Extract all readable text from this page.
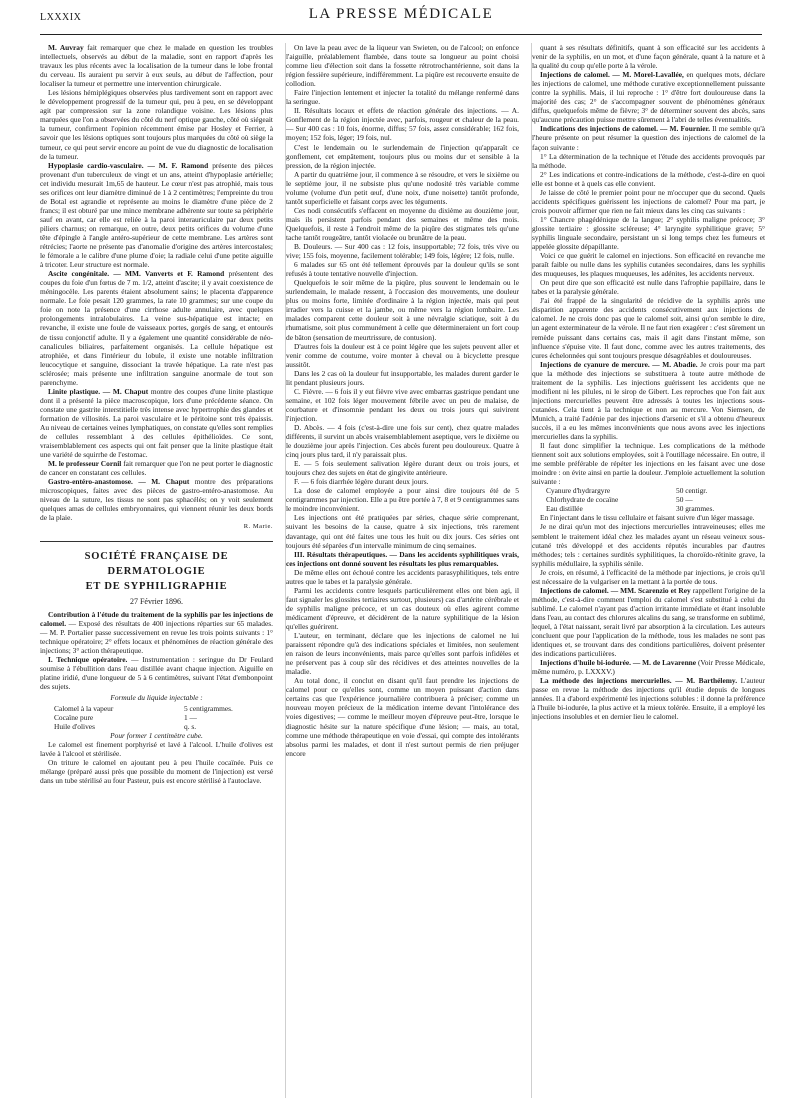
LXXXIX	LA PRESSE MÉDICALE

M. Auvray fait remarquer que chez le malade en question les troubles intellectuels, observés au début de la maladie, sont en rapport d'après les travaux les plus récents avec la localisation de la tumeur dans le lobe frontal du cerveau. Ils auraient pu servir à eux seuls, au début de l'affection, pour localiser la tumeur et permettre une intervention chirurgicale.

Les lésions hémiplégiques observées plus tardivement sont en rapport avec le développement progressif de la tumeur qui, peu à peu, en se développant agit par compression sur la zone rolandique voisine. Les lésions plus marquées que l'on a observées du côté du nerf optique gauche, côté où siégeait la tumeur, confirment l'opinion récemment émise par Hosley et Ferrier, à savoir que les lésions optiques sont toujours plus marquées du côté où siège la tumeur, ce qui peut servir encore au point de vue du diagnostic de localisation de la tumeur.

Hypoplasie cardio-vasculaire. — M. F. Ramond présente des pièces provenant d'un tuberculeux de vingt et un ans, atteint d'hypoplasie artérielle; cet individu mesurait 1m,65 de hauteur. Le cœur n'est pas atrophié, mais tous ses orifices ont leur diamètre diminué de 1 à 2 centimètres; l'empreinte du trou de Botal est agrandie et représente au moins le diamètre d'une pièce de 2 francs; il est obturé par une mince membrane adhérente sur toute sa périphérie sauf en avant, car elle est reliée à la paroi interauriculaire par deux petits piliers charnus; on remarque, en outre, deux petits orifices du volume d'une tête d'épingle à l'angle antéro-supérieur de cette membrane. Les artères sont rétrécies; l'aorte ne présente pas d'anomalie d'origine des artères intercostales; le fémorale a le calibre d'une plume d'oie; la radiale celui d'une petite aiguille à tricoter. Leur structure est normale.

Ascite congénitale. — MM. Vanverts et F. Ramond présentent des coupes du foie d'un fœtus de 7 m. 1/2, atteint d'ascite; il y avait coexistence de méningocèle. Les parents étaient absolument sains; le placenta d'apparence normale. Le foie pesait 120 grammes, la rate 10 grammes; sur une coupe du foie on note la présence d'une cirrhose adulte annulaire, avec quelques prolongements intralobulaires. La veine sus-hépatique est intacte; en revanche, il existe une foule de vaisseaux portes, gorgés de sang, et entourés de tissu conjonctif adulte. Il y a également une quantité considérable de néo-canalicules biliaires, parfaitement organisés. La cellule hépatique est atrophiée, et dans l'intérieur du lobule, il existe une notable infiltration leucocytique et sanguine, dissociant la travée hépatique. La rate n'est pas sclérosée; mais présente une infiltration sanguine anormale de tout son parenchyme.

Linite plastique. — M. Chaput montre des coupes d'une linite plastique dont il a présenté la pièce macroscopique, lors d'une précédente séance. On constate une gastrite interstitielle très intense avec hypertrophie des glandes et formation de villosités. La paroi vasculaire et le péritoine sont très épaissis. Au niveau de certaines veines lymphatiques, on constate qu'elles sont remplies de cellules ressemblant à des cellules épithélioïdes. Ce sont, vraisemblablement ces aspects qui ont fait penser que la linite plastique était une variété de squirrhe de l'estomac.

M. le professeur Cornil fait remarquer que l'on ne peut porter le diagnostic de cancer en constatant ces cellules.

Gastro-entéro-anastomose. — M. Chaput montre des préparations microscopiques, faites avec des pièces de gastro-entéro-anastomose. Au niveau de la suture, les tissus ne sont pas sphacélés; on y voit seulement quelques amas de cellules embryonnaires, qui viennent réunir les deux bords de la plaie.

R. Marie.
SOCIÉTÉ FRANÇAISE DE DERMATOLOGIE
ET DE SYPHILIGRAPHIE
27 Février 1896.

Contribution à l'étude du traitement de la syphilis par les injections de calomel. — Exposé des résultats de 400 injections réparties sur 65 malades. — M. P. Portalier passe successivement en revue les trois points suivants : 1° technique opératoire; 2° effets locaux et phénomènes de réaction générale des injections; 3° action thérapeutique.

I. Technique opératoire. — Instrumentation : seringue du Dr Feulard soumise à l'ébullition dans l'eau distillée avant chaque injection. Aiguille en platine iridié, d'une longueur de 5 à 6 centimètres, suivant l'état d'embonpoint des sujets.

Formule du liquide injectable :

Calomel à la vapeur	5 centigrammes.
Cocaïne pure	1 —
Huile d'olives	q. s.

Pour former 1 centimètre cube.

Le calomel est finement porphyrisé et lavé à l'alcool. L'huile d'olives est lavée à l'alcool et stérilisée.

On triture le calomel en ajoutant peu à peu l'huile cocaïnée. Puis ce mélange (préparé aussi près que possible du moment de l'injection) est versé dans un tube stérilisé au four Pasteur, puis est encore stérilisé à l'autoclave.

On lave la peau avec de la liqueur van Swieten, ou de l'alcool; on enfonce l'aiguille, préalablement flambée, dans toute sa longueur au point choisi comme lieu d'élection soit dans la fossette rétrotrochantérienne, soit dans la région fessière supérieure, indifféremment. La piqûre est recouverte ensuite de collodion.

Faire l'injection lentement et injecter la totalité du mélange renfermé dans la seringue.

II. Résultats locaux et effets de réaction générale des injections. — A. Gonflement de la région injectée avec, parfois, rougeur et chaleur de la peau. — Sur 400 cas : 10 fois, énorme, diffus; 57 fois, assez considérable; 162 fois, moyen; 152 fois, léger; 19 fois, nul.

C'est le lendemain ou le surlendemain de l'injection qu'apparaît ce gonflement, cet empâtement, toujours plus ou moins dur et sensible à la pression, de la région injectée.

A partir du quatrième jour, il commence à se résoudre, et vers le sixième ou le septième jour, il ne subsiste plus qu'une nodosité très variable comme volume (volume d'un petit œuf, d'une noix, d'une noisette) tantôt profonde, tantôt superficielle et faisant corps avec les téguments.

Ces nodi consécutifs s'effacent en moyenne du dixième au douzième jour, mais ils persistent parfois pendant des semaines et même des mois. Quelquefois, il reste à l'endroit même de la piqûre des stigmates tels qu'une tache tantôt rougeâtre, tantôt violacée ou brunâtre de la peau.

B. Douleurs. — Sur 400 cas : 12 fois, insupportable; 72 fois, très vive ou vive; 155 fois, moyenne, facilement tolérable; 149 fois, légère; 12 fois, nulle.

6 malades sur 65 ont été tellement éprouvés par la douleur qu'ils se sont refusés à toute tentative nouvelle d'injection.

Quelquefois le soir même de la piqûre, plus souvent le lendemain ou le surlendemain, le malade ressent, à l'occasion des mouvements, une douleur plus ou moins forte, limitée d'ordinaire à la région injectée, mais qui peut irradier vers la cuisse et la jambe, ou même vers la région lombaire. Les malades comparent cette douleur soit à une névralgie sciatique, soit à du rhumatisme, soit plus communément à celle que détermineraient un fort coup de bâton (sensation de meurtrissure, de contusion).

D'autres fois la douleur est à ce point légère que les sujets peuvent aller et venir comme de coutume, voire monter à cheval ou à bicyclette presque aussitôt.

Dans les 2 cas où la douleur fut insupportable, les malades durent garder le lit pendant plusieurs jours.

C. Fièvre. — 6 fois il y eut fièvre vive avec embarras gastrique pendant une semaine, et 102 fois léger mouvement fébrile avec un peu de malaise, de courbature et d'insomnie pendant les deux ou trois jours qui suivirent l'injection.

D. Abcès. — 4 fois (c'est-à-dire une fois sur cent), chez quatre malades différents, il survint un abcès vraisemblablement aseptique, vers le dixième ou le douzième jour après l'injection. Ces abcès furent peu douloureux. Quatre à cinq jours plus tard, il n'y paraissait plus.

E. — 5 fois seulement salivation légère durant deux ou trois jours, et toujours chez des sujets en état de gingivite antérieure.

F. — 6 fois diarrhée légère durant deux jours.

La dose de calomel employée a pour ainsi dire toujours été de 5 centigrammes par injection. Elle a pu être portée à 7, 8 et 9 centigrammes sans le moindre inconvénient.

Les injections ont été pratiquées par séries, chaque série comprenant, suivant les besoins de la cause, quatre à six injections, très rarement davantage, qui ont été faites une tous les huit ou dix jours. Ces séries ont toujours été séparées d'un intervalle minimum de cinq semaines.

III. Résultats thérapeutiques. — Dans les accidents syphilitiques vrais, ces injections ont donné souvent les résultats les plus remarquables.

De même elles ont échoué contre les accidents parasyphilitiques, tels entre autres que le tabes et la paralysie générale.

Parmi les accidents contre lesquels particulièrement elles ont bien agi, il faut signaler les glossites tertiaires surtout, plusieurs) cas d'artérite cérébrale et de syphilis maligne précoce, et un cas douteux où elles agirent comme médicament d'épreuve, et décidèrent de la nature syphilitique de la lésion qu'elles guérirent.

L'auteur, en terminant, déclare que les injections de calomel ne lui paraissent répondre qu'à des indications spéciales et limitées, non seulement en raison de leurs inconvénients, mais parce qu'elles sont parfois infidèles et ne préservent pas à coup sûr des récidives et des atteintes nouvelles de la maladie.

Au total donc, il conclut en disant qu'il faut prendre les injections de calomel pour ce qu'elles sont, comme un moyen puissant d'action dans certains cas que l'expérience journalière contribuera à préciser; comme un nouveau moyen précieux de la médication interne devant l'intolérance des voies digestives; — comme le meilleur moyen d'épreuve peut-être, lorsque le diagnostic hésite sur la nature spécifique d'une lésion; — mais, au total, comme une méthode thérapeutique en voie d'essai, qui compte des intolérants absolus parmi les malades, et dont il n'est surtout permis de rien préjuger encore

quant à ses résultats définitifs, quant à son efficacité sur les accidents à venir de la syphilis, en un mot, et d'une façon générale, quant à la nature et à la qualité du coup qu'elle porte à la vérole.

Injections de calomel. — M. Morel-Lavallée, en quelques mots, déclare les injections de calomel, une méthode curative exceptionnellement puissante contre la syphilis. Mais, il lui reproche : 1° d'être fort douloureuse dans la majorité des cas; 2° de s'accompagner souvent de phénomènes généraux diffus, quelquefois même de fièvre; 3° de déterminer souvent des abcès, sans qu'aucune précaution puisse mettre sûrement à l'abri de telles éventualités.

Indications des injections de calomel. — M. Fournier. Il me semble qu'à l'heure présente on peut résumer la question des injections de calomel de la façon suivante :

1° La détermination de la technique et l'étude des accidents provoqués par la méthode.

2° Les indications et contre-indications de la méthode, c'est-à-dire en quoi elle est bonne et à quels cas elle convient.

Je laisse de côté le premier point pour ne m'occuper que du second. Quels accidents spécifiques guérissent les injections de calomel? Pour ma part, je crois pouvoir affirmer que rien ne fait mieux dans les cinq cas suivants :

1° Chancre phagédénique de la langue; 2° syphilis maligne précoce; 3° glossite tertiaire : glossite scléreuse; 4° laryngite syphilitique grave; 5° syphilis linguale secondaire, persistant un si long temps chez les fumeurs et appelée glossite dépapillante.

Voici ce que guérit le calomel en injections. Son efficacité en revanche me paraît faible ou nulle dans les syphilis cutanées secondaires, dans les syphilis des muqueuses, les plaques muqueuses, les adénites, les accidents nerveux.

On peut dire que son efficacité est nulle dans l'afrophie papillaire, dans le tabes et la paralysie générale.

J'ai été frappé de la singularité de récidive de la syphilis après une disparition apparente des accidents consécutivement aux injections de calomel. Je ne crois donc pas que le calomel soit, ainsi qu'on semble le dire, un agent exterminateur de la vérole. Il ne faut rien exagérer : c'est sûrement un remède puissant dans certains cas, mais il agit dans l'instant même, son influence s'épuise vite. Il faut donc, comme avec les autres traitements, des cures échelonnées qui sont toujours presque désagréables et douloureuses.

Injections de cyanure de mercure. — M. Abadie. Je crois pour ma part que la méthode des injections se substituera à toute autre méthode de traitement de la syphilis. Les injections guérissent les accidents que ne modifient ni les pilules, ni le sirop de Gibert. Les reproches que l'on fait aux injections mercurielles peuvent être adressés à toutes les injections sous-cutanées. Cela tient à la technique et non au mercure. Von Siemsen, de Munich, a traité l'adénie par des injections d'arsenic et s'il a obtenu d'heureux succès, il a eu les mêmes inconvénients que nous avons avec les injections mercurielles dans la syphilis.

Il faut donc simplifier la technique. Les complications de la méthode tiennent soit aux solutions employées, soit à l'outillage nécessaire. En outre, il me semble préférable de répéter les injections en les faisant avec une dose moindre : on évite ainsi en partie la douleur. J'emploie actuellement la solution suivante :

Cyanure d'hydrargyre	50 centigr.
Chlorhydrate de cocaïne	50 —
Eau distillée	30 grammes.

En l'injectant dans le tissu cellulaire et faisant suivre d'un léger massage.

Je ne dirai qu'un mot des injections mercurielles intraveineuses; elles me semblent le traitement idéal chez les malades ayant un réseau veineux sous-cutané très développé et des accidents réputés incurables par d'autres méthodes; tels : certaines surdités syphilitiques, la choroïdo-rétinite grave, la syphilis médullaire, la syphilis sénile.

Je crois, en résumé, à l'efficacité de la méthode par injections, je crois qu'il est nécessaire de la vulgariser en la mettant à la portée de tous.

Injections de calomel. — MM. Scarenzio et Rey rappellent l'origine de la méthode, c'est-à-dire comment l'emploi du calomel s'est substitué à celui du sublimé. Le calomel n'ayant pas d'action irritante immédiate et étant insoluble dans l'eau, au contact des chlorures alcalins du sang, se transforme en sublimé, lequel, à l'état naissant, serait livré par absorption à la circulation. Les auteurs concluent que pour l'application de la méthode, tous les malades ne sont pas identiques et, se trouvant dans des conditions particulières, doivent présenter des indications particulières.

Injections d'huile bi-iodurée. — M. de Lavarenne (Voir Presse Médicale, même numéro, p. LXXXV.)

La méthode des injections mercurielles. — M. Barthélemy. L'auteur passe en revue la méthode des injections qu'il étudie depuis de longues années. Il a d'abord expérimenté les injections solubles : il donne la préférence à l'huile bi-iodurée, la plus active et la mieux tolérée. Ensuite, il a employé les injections insolubles et en dernier lieu le calomel.
